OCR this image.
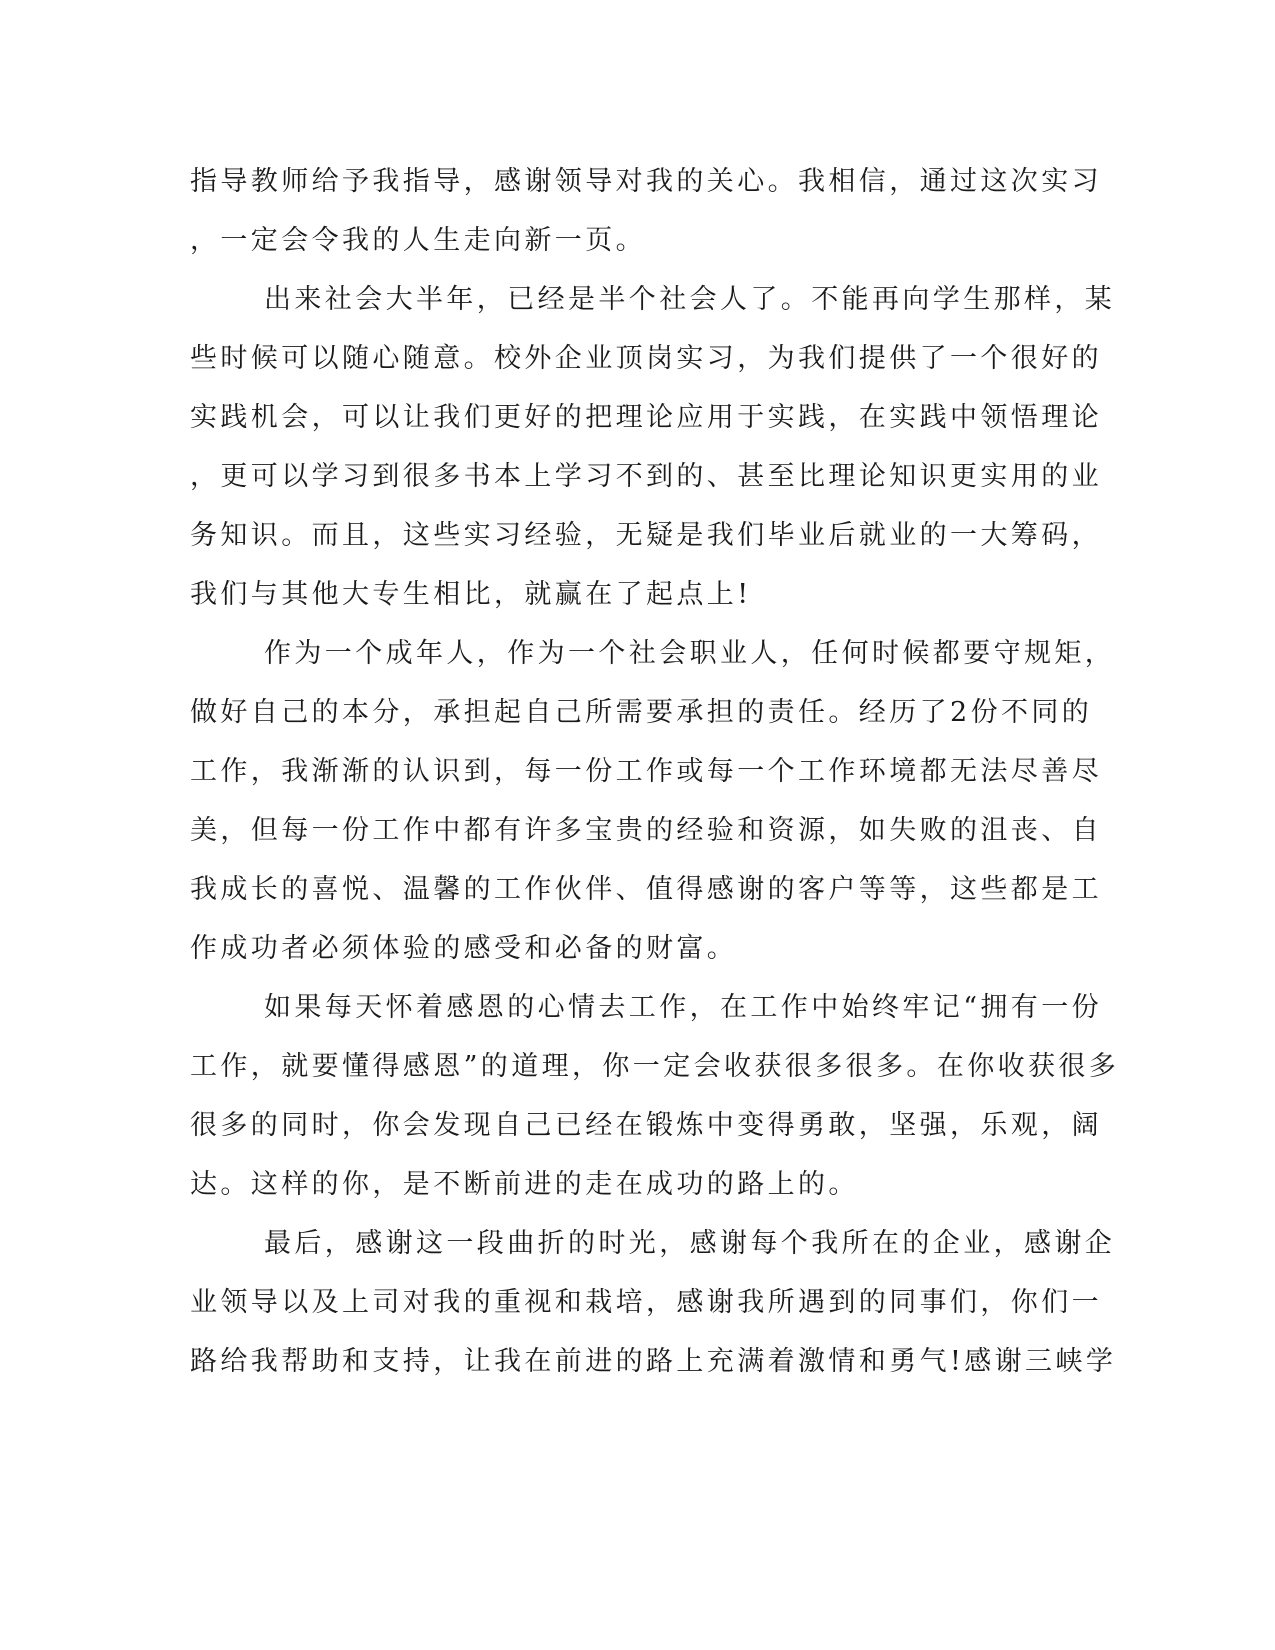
指导教师给予我指导，感谢领导对我的关心。我相信，通过这次实习
，一定会令我的人生走向新一页。
出来社会大半年，已经是半个社会人了。不能再向学生那样，某
些时候可以随心随意。校外企业顶岗实习，为我们提供了一个很好的
实践机会，可以让我们更好的把理论应用于实践，在实践中领悟理论
，更可以学习到很多书本上学习不到的、甚至比理论知识更实用的业
务知识。而且，这些实习经验，无疑是我们毕业后就业的一大筹码，
我们与其他大专生相比，就赢在了起点上!
作为一个成年人，作为一个社会职业人，任何时候都要守规矩，
做好自己的本分，承担起自己所需要承担的责任。经历了2份不同的
工作，我渐渐的认识到，每一份工作或每一个工作环境都无法尽善尽
美，但每一份工作中都有许多宝贵的经验和资源，如失败的沮丧、自
我成长的喜悦、温馨的工作伙伴、值得感谢的客户等等，这些都是工
作成功者必须体验的感受和必备的财富。
如果每天怀着感恩的心情去工作，在工作中始终牢记“拥有一份
工作，就要懂得感恩”的道理，你一定会收获很多很多。在你收获很多
很多的同时，你会发现自己已经在锻炼中变得勇敢，坚强，乐观，阔
达。这样的你，是不断前进的走在成功的路上的。
最后，感谢这一段曲折的时光，感谢每个我所在的企业，感谢企
业领导以及上司对我的重视和栽培，感谢我所遇到的同事们，你们一
路给我帮助和支持，让我在前进的路上充满着激情和勇气!感谢三峡学
